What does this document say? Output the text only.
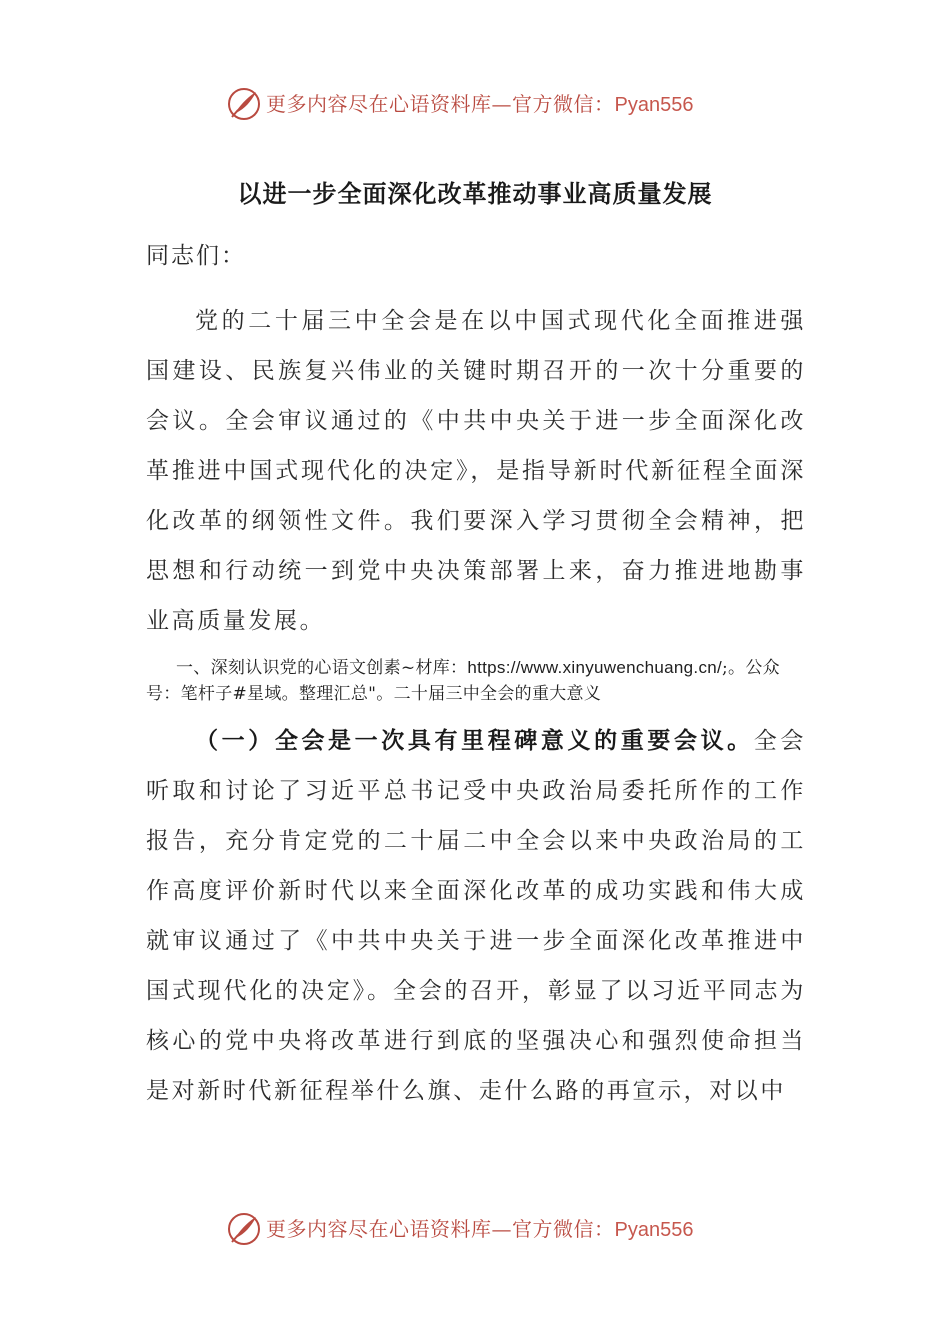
更多内容尽在心语资料库—官方微信：Pyan556
以进一步全面深化改革推动事业高质量发展
同志们：
党的二十届三中全会是在以中国式现代化全面推进强国建设、民族复兴伟业的关键时期召开的一次十分重要的会议。全会审议通过的《中共中央关于进一步全面深化改革推进中国式现代化的决定》，是指导新时代新征程全面深化改革的纲领性文件。我们要深入学习贯彻全会精神，把思想和行动统一到党中央决策部署上来，奋力推进地勘事业高质量发展。
一、深刻认识党的心语文创素~材库：https://www.xinyuwenchuang.cn/;。公众号：笔杆子#星域。整理汇总"。二十届三中全会的重大意义
（一）全会是一次具有里程碑意义的重要会议。全会听取和讨论了习近平总书记受中央政治局委托所作的工作报告，充分肯定党的二十届二中全会以来中央政治局的工作高度评价新时代以来全面深化改革的成功实践和伟大成就审议通过了《中共中央关于进一步全面深化改革推进中国式现代化的决定》。全会的召开，彰显了以习近平同志为核心的党中央将改革进行到底的坚强决心和强烈使命担当是对新时代新征程举什么旗、走什么路的再宣示，对以中
更多内容尽在心语资料库—官方微信：Pyan556
